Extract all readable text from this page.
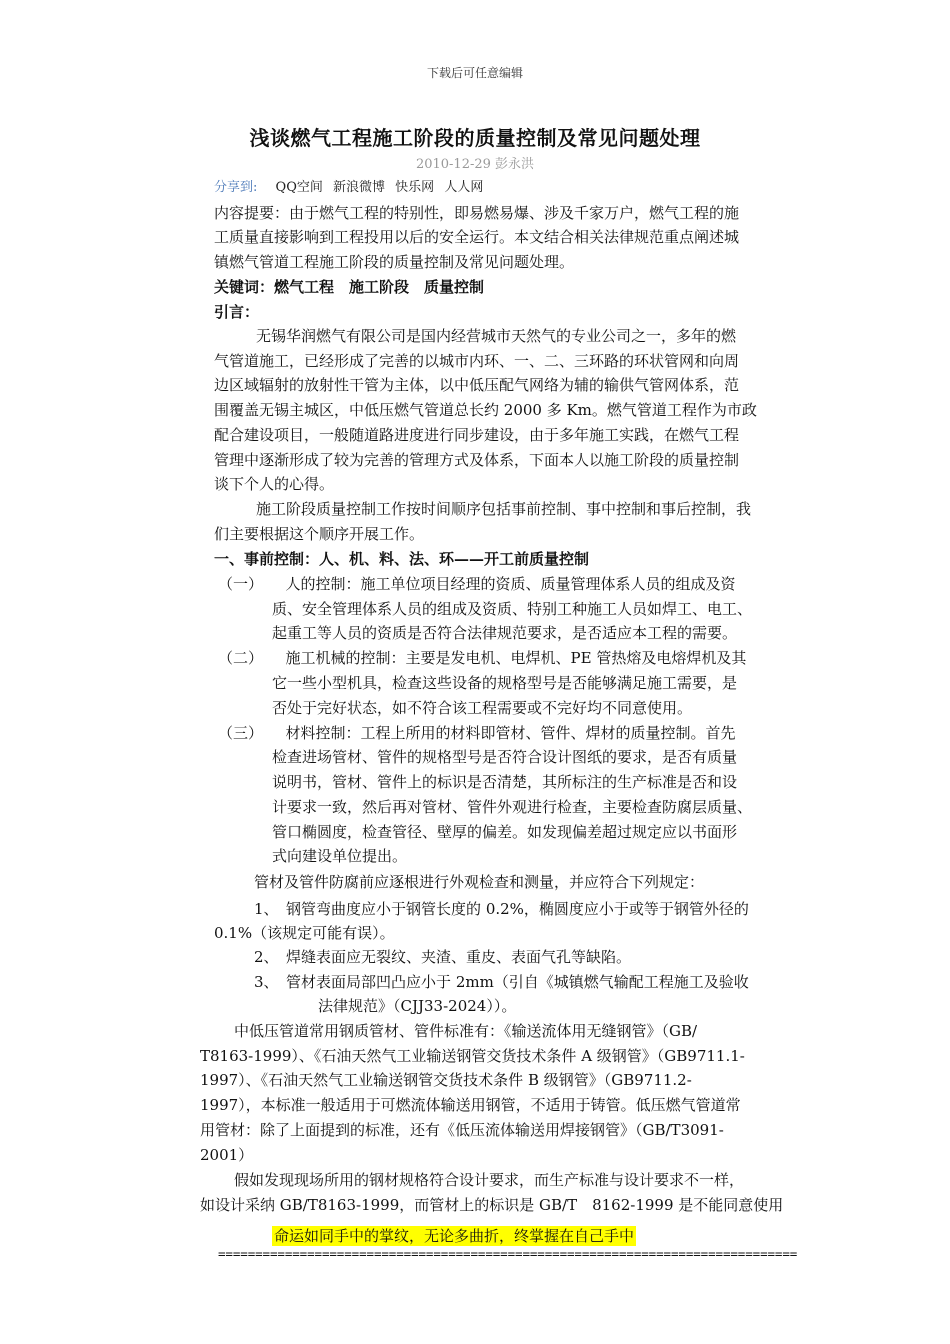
下载后可任意编辑
浅谈燃气工程施工阶段的质量控制及常见问题处理
2010-12-29 彭永洪
分享到: QQ空间 新浪微博 快乐网 人人网
内容提要：由于燃气工程的特别性，即易燃易爆、涉及千家万户，燃气工程的施
工质量直接影响到工程投用以后的安全运行。本文结合相关法律规范重点阐述城
镇燃气管道工程施工阶段的质量控制及常见问题处理。
关键词：燃气工程　施工阶段　质量控制
引言：
无锡华润燃气有限公司是国内经营城市天然气的专业公司之一，多年的燃
气管道施工，已经形成了完善的以城市内环、一、二、三环路的环状管网和向周
边区域辐射的放射性干管为主体，以中低压配气网络为辅的输供气管网体系，范
围覆盖无锡主城区，中低压燃气管道总长约 2000 多 Km。燃气管道工程作为市政
配合建设项目，一般随道路进度进行同步建设，由于多年施工实践，在燃气工程
管理中逐渐形成了较为完善的管理方式及体系，下面本人以施工阶段的质量控制
谈下个人的心得。
施工阶段质量控制工作按时间顺序包括事前控制、事中控制和事后控制，我
们主要根据这个顺序开展工作。
一、事前控制：人、机、料、法、环——开工前质量控制
（一）　　人的控制：施工单位项目经理的资质、质量管理体系人员的组成及资
质、安全管理体系人员的组成及资质、特别工种施工人员如焊工、电工、
起重工等人员的资质是否符合法律规范要求，是否适应本工程的需要。
（二）　　施工机械的控制：主要是发电机、电焊机、PE 管热熔及电熔焊机及其
它一些小型机具，检查这些设备的规格型号是否能够满足施工需要，是
否处于完好状态，如不符合该工程需要或不完好均不同意使用。
（三）　　材料控制：工程上所用的材料即管材、管件、焊材的质量控制。首先
检查进场管材、管件的规格型号是否符合设计图纸的要求，是否有质量
说明书，管材、管件上的标识是否清楚，其所标注的生产标准是否和设
计要求一致，然后再对管材、管件外观进行检查，主要检查防腐层质量、
管口椭圆度，检查管径、壁厚的偏差。如发现偏差超过规定应以书面形
式向建设单位提出。
管材及管件防腐前应逐根进行外观检查和测量，并应符合下列规定：
1、　钢管弯曲度应小于钢管长度的 0.2%，椭圆度应小于或等于钢管外径的
0.1%（该规定可能有误）。
2、　焊缝表面应无裂纹、夹渣、重皮、表面气孔等缺陷。
3、　管材表面局部凹凸应小于 2mm（引自《城镇燃气输配工程施工及验收
法律规范》（CJJ33-2024））。
中低压管道常用钢质管材、管件标准有：《输送流体用无缝钢管》（GB/
T8163-1999）、《石油天然气工业输送钢管交货技术条件 A 级钢管》（GB9711.1-
1997）、《石油天然气工业输送钢管交货技术条件 B 级钢管》（GB9711.2-
1997），本标准一般适用于可燃流体输送用钢管，不适用于铸管。低压燃气管道常
用管材：除了上面提到的标准，还有《低压流体输送用焊接钢管》（GB/T3091-
2001）
假如发现现场所用的钢材规格符合设计要求，而生产标准与设计要求不一样，
如设计采纳 GB/T8163-1999，而管材上的标识是 GB/T　8162-1999 是不能同意使用
命运如同手中的掌纹，无论多曲折，终掌握在自己手中
==============================================================================
